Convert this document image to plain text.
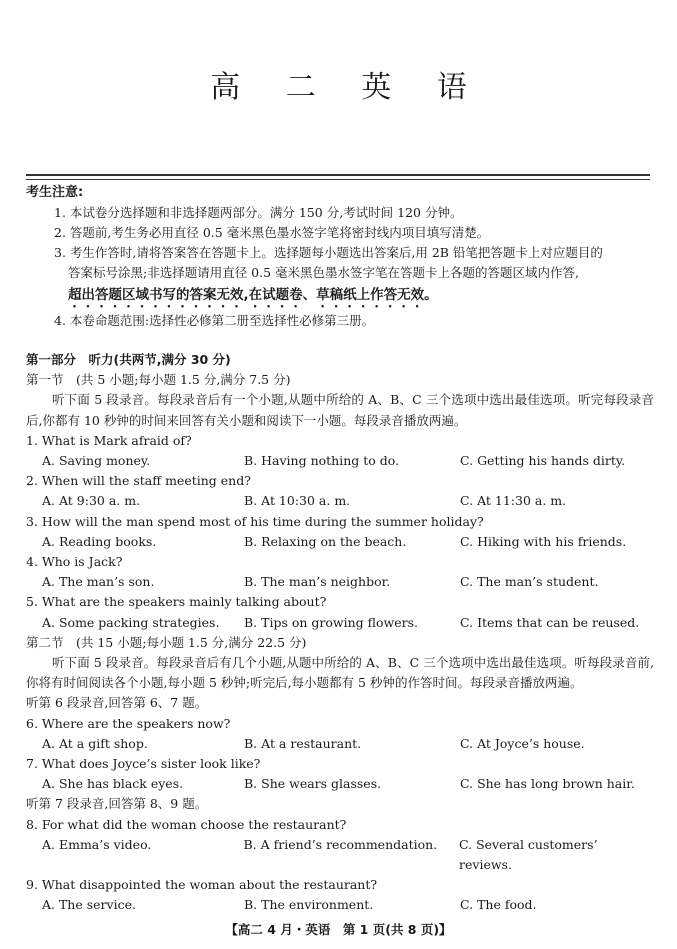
高 二 英 语
考生注意:
1. 本试卷分选择题和非选择题两部分。满分 150 分,考试时间 120 分钟。
2. 答题前,考生务必用直径 0.5 毫米黑色墨水签字笔将密封线内项目填写清楚。
3. 考生作答时,请将答案答在答题卡上。选择题每小题选出答案后,用 2B 铅笔把答题卡上对应题目的
答案标号涂黑;非选择题请用直径 0.5 毫米黑色墨水签字笔在答题卡上各题的答题区域内作答,
超出答题区域书写的答案无效,在试题卷、草稿纸上作答无效。
4. 本卷命题范围:选择性必修第二册至选择性必修第三册。
第一部分　听力(共两节,满分 30 分)
第一节　(共 5 小题;每小题 1.5 分,满分 7.5 分)
听下面 5 段录音。每段录音后有一个小题,从题中所给的 A、B、C 三个选项中选出最佳选项。听完每段录音后,你都有 10 秒钟的时间来回答有关小题和阅读下一小题。每段录音播放两遍。
1. What is Mark afraid of?
A. Saving money.	B. Having nothing to do.	C. Getting his hands dirty.
2. When will the staff meeting end?
A. At 9:30 a. m.	B. At 10:30 a. m.	C. At 11:30 a. m.
3. How will the man spend most of his time during the summer holiday?
A. Reading books.	B. Relaxing on the beach.	C. Hiking with his friends.
4. Who is Jack?
A. The man’s son.	B. The man’s neighbor.	C. The man’s student.
5. What are the speakers mainly talking about?
A. Some packing strategies.	B. Tips on growing flowers.	C. Items that can be reused.
第二节　(共 15 小题;每小题 1.5 分,满分 22.5 分)
听下面 5 段录音。每段录音后有几个小题,从题中所给的 A、B、C 三个选项中选出最佳选项。听每段录音前,你将有时间阅读各个小题,每小题 5 秒钟;听完后,每小题都有 5 秒钟的作答时间。每段录音播放两遍。
听第 6 段录音,回答第 6、7 题。
6. Where are the speakers now?
A. At a gift shop.	B. At a restaurant.	C. At Joyce’s house.
7. What does Joyce’s sister look like?
A. She has black eyes.	B. She wears glasses.	C. She has long brown hair.
听第 7 段录音,回答第 8、9 题。
8. For what did the woman choose the restaurant?
A. Emma’s video.	B. A friend’s recommendation.	C. Several customers’ reviews.
9. What disappointed the woman about the restaurant?
A. The service.	B. The environment.	C. The food.
【高二 4 月・英语　第 1 页(共 8 页)】
